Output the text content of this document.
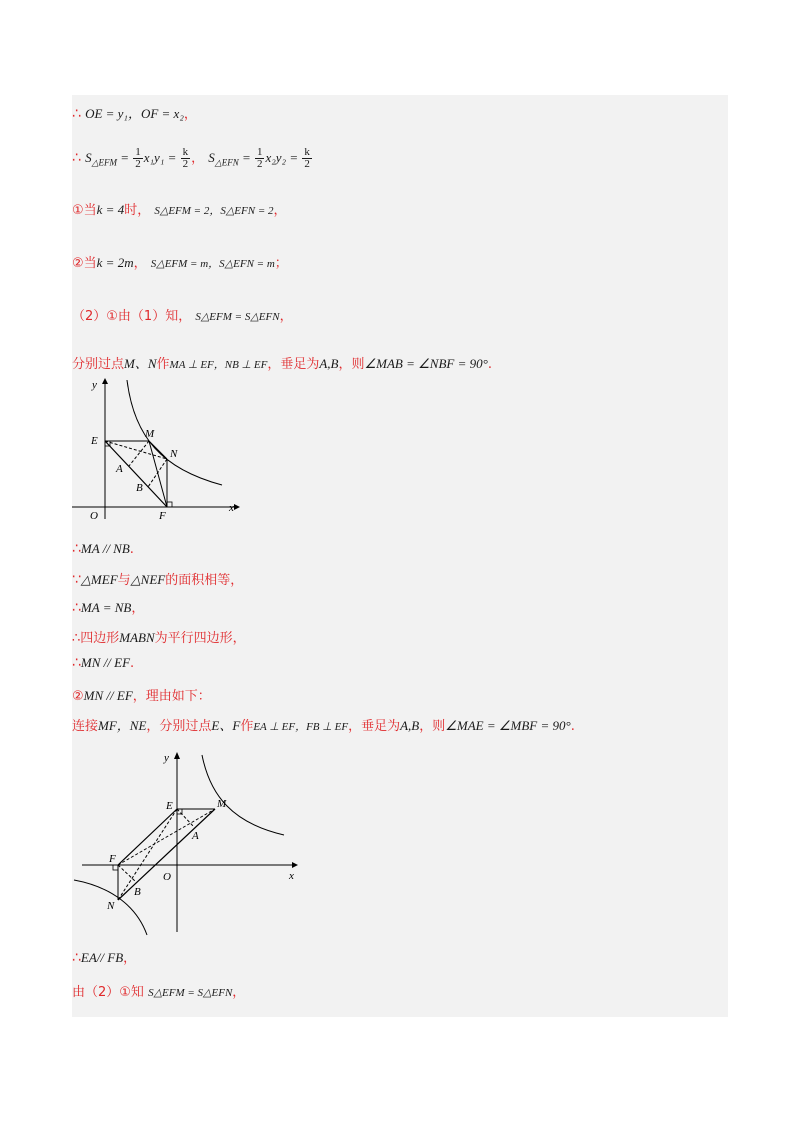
∴ OE = y₁，OF = x₂，
∴ $S_{\triangle EFM} = \frac{1}{2} x_1y_1 = \frac{k}{2}$ ， $S_{\triangle EFN} = \frac{1}{2} x_2y_2 = \frac{k}{2}$
①当k = 4时， S△EFM = 2，S△EFN = 2，
②当k = 2m， S△EFM = m，S△EFN = m；
（2）①由（1）知， S△EFM = S△EFN，
分别过点M、N作MA ⊥ EF，NB ⊥ EF，垂足为A,B，则∠MAB = ∠NBF = 90°.
y
x
O
E
M
N
A
B
F
∴MA // NB.
∵△MEF与△NEF的面积相等，
∴MA = NB，
∴四边形MABN为平行四边形，
∴MN // EF.
②MN // EF，理由如下：
连接MF，NE，分别过点E、F作EA ⊥ EF，FB ⊥ EF，垂足为A,B，则∠MAE = ∠MBF = 90°.
y
x
O
E	M
A
F
B
N
∴EA// FB，
由（2）①知 S△EFM = S△EFN，
